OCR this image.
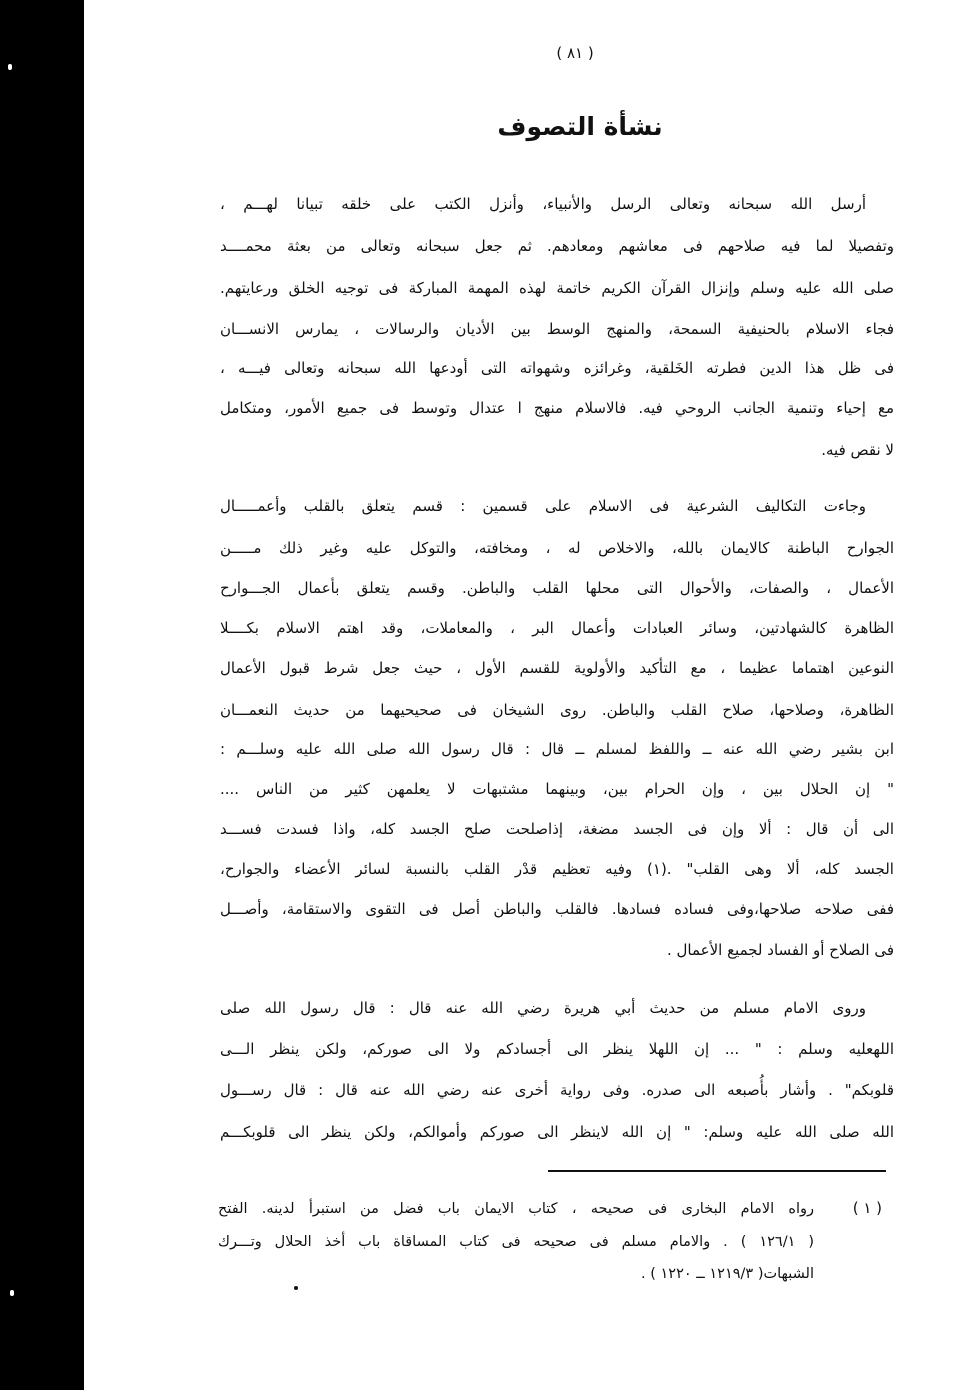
( ٨١ )
نشأة التصوف
أرسل الله سبحانه وتعالى الرسل والأنبياء، وأنزل الكتب على خلقه تبيانا لهـــم ،
وتفصيلا لما فيه صلاحهم فى معاشهم ومعادهم. ثم جعل سبحانه وتعالى من بعثة محمــــد
صلى الله عليه وسلم وإنزال القرآن الكريم خاتمة لهذه المهمة المباركة فى توجيه الخلق ورعايتهم.
فجاء الاسلام بالحنيفية السمحة، والمنهج الوسط بين الأديان والرسالات ، يمارس الانســـان
فى ظل هذا الدين فطرته الخَلقية، وغرائزه وشهواته التى أودعها الله سبحانه وتعالى فيـــه ،
مع إحياء وتنمية الجانب الروحي فيه. فالاسلام منهج ا عتدال وتوسط فى جميع الأمور، ومتكامل
لا نقص فيه.
وجاءت التكاليف الشرعية فى الاسلام على قسمين : قسم يتعلق بالقلب وأعمـــــال
الجوارح الباطنة كالايمان بالله، والاخلاص له ، ومخافته، والتوكل عليه وغير ذلك مـــــن
الأعمال ، والصفات، والأحوال التى محلها القلب والباطن. وقسم يتعلق بأعمال الجـــوارح
الظاهرة كالشهادتين، وسائر العبادات وأعمال البر ، والمعاملات، وقد اهتم الاسلام بكــــلا
النوعين اهتماما عظيما ، مع التأكيد والأولوية للقسم الأول ، حيث جعل شرط قبول الأعمال
الظاهرة، وصلاحها، صلاح القلب والباطن. روى الشيخان فى صحيحيهما من حديث النعمـــان
ابن بشير رضي الله عنه ــ واللفظ لمسلم ــ قال : قال رسول الله صلى الله عليه وسلـــم :
" إن الحلال بين ، وإن الحرام بين، وبينهما مشتبهات لا يعلمهن كثير من الناس ....
الى أن قال : ألا وإن فى الجسد مضغة، إذاصلحت صلح الجسد كله، واذا فسدت فســـد
الجسد كله، ألا وهى القلب" .(١) وفيه تعظيم قدْر القلب بالنسبة لسائر الأعضاء والجوارح،
ففى صلاحه صلاحها،وفى فساده فسادها. فالقلب والباطن أصل فى التقوى والاستقامة، وأصـــل
فى الصلاح أو الفساد لجميع الأعمال .
وروى الامام مسلم من حديث أبي هريرة رضي الله عنه قال : قال رسول الله صلى
اللهعليه وسلم : " ... إن اللهلا ينظر الى أجسادكم ولا الى صوركم، ولكن ينظر الـــى
قلوبكم" . وأشار بأُصبعه الى صدره. وفى رواية أخرى عنه رضي الله عنه قال : قال رســـول
الله صلى الله عليه وسلم: " إن الله لاينظر الى صوركم وأموالكم، ولكن ينظر الى قلوبكـــم
( ١ )
رواه الامام البخارى فى صحيحه ، كتاب الايمان باب فضل من استبرأ لدينه. الفتح
( ١٢٦/١ ) . والامام مسلم فى صحيحه فى كتاب المساقاة باب أخذ الحلال وتـــرك
الشبهات( ١٢١٩/٣ ــ ١٢٢٠ ) .
